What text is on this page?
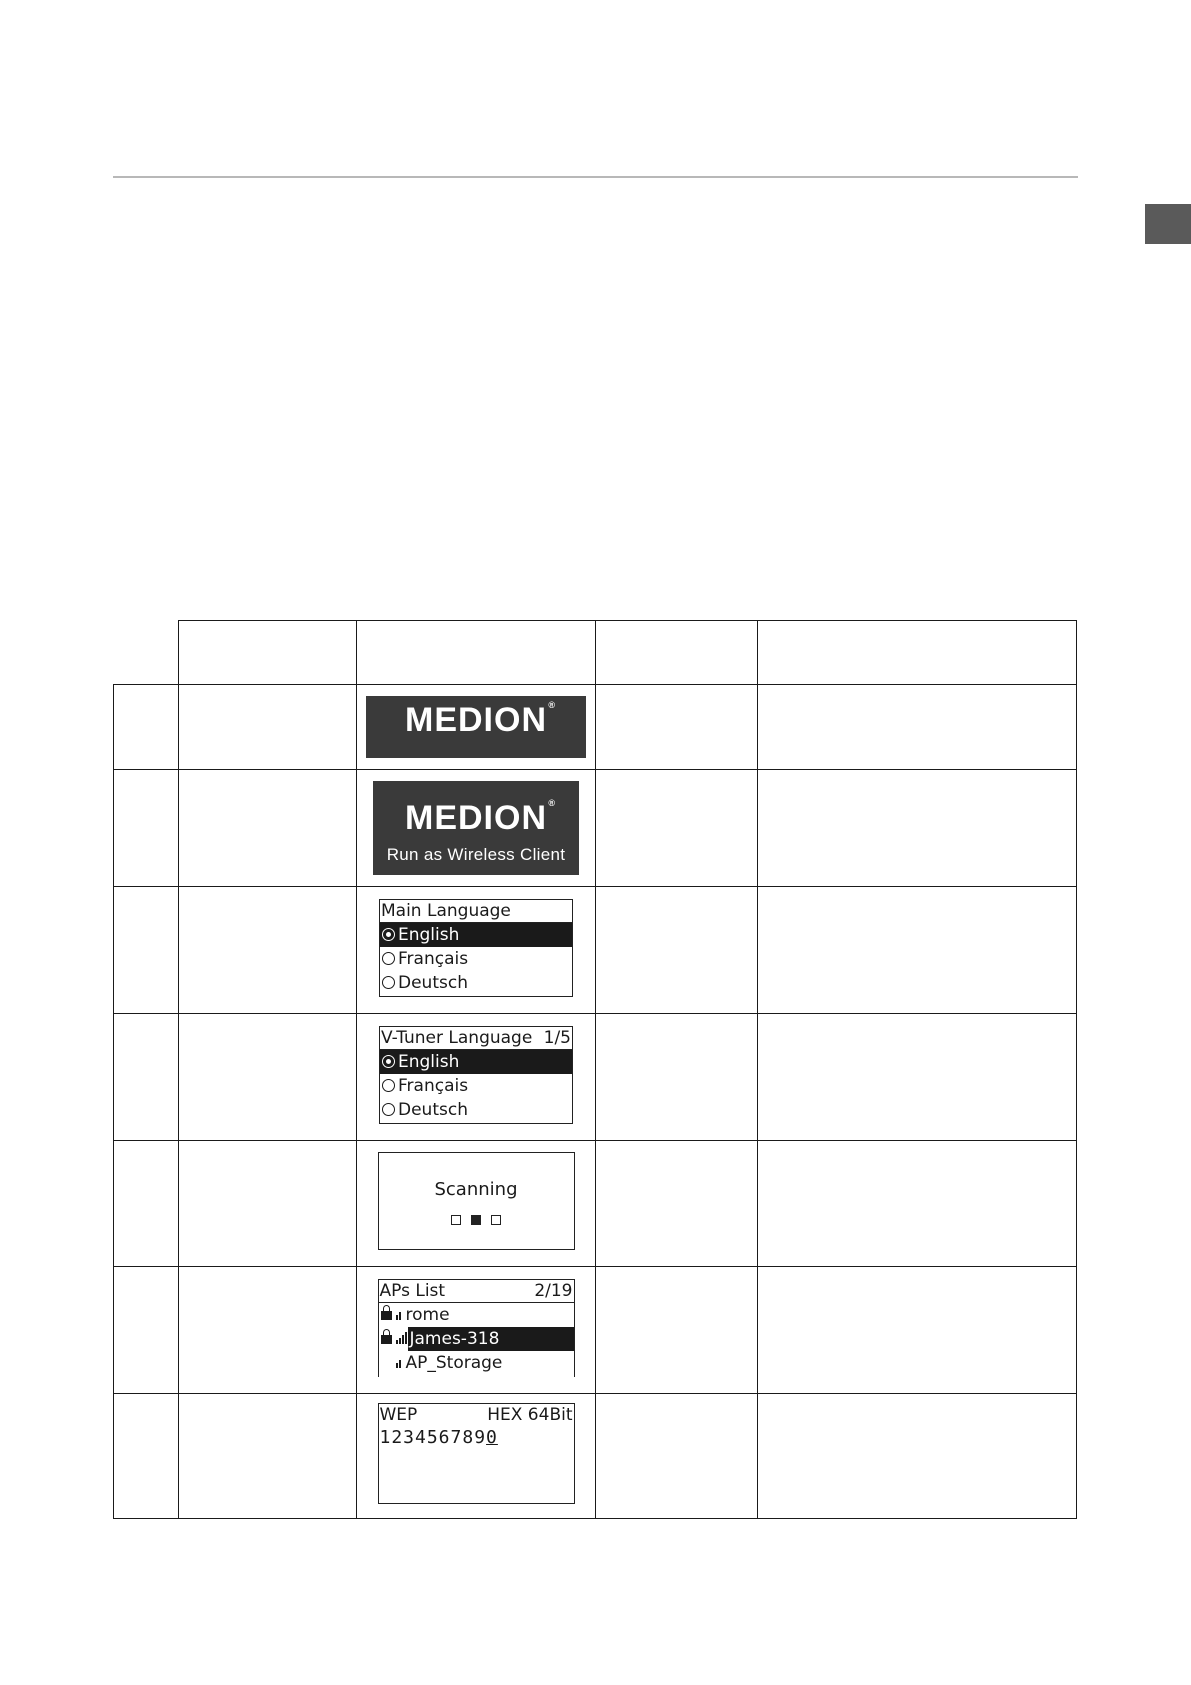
		MEDION ®		

		MEDION ®
Run as Wireless Client		

		Main Language
English
Français
Deutsch		

		V-Tuner Language 1/5
English
Français
Deutsch		

		Scanning		

		APs List 2/19
rome
James-318
AP_Storage		

		WEP HEX 64Bit
123456789 0		
